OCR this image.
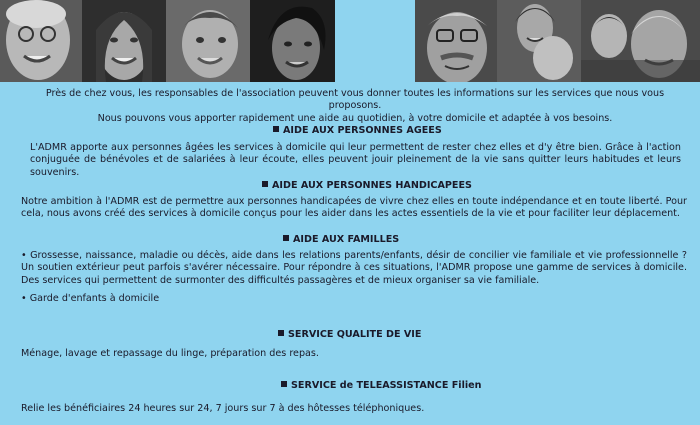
Près de chez vous, les responsables de l'association peuvent vous donner toutes les informations sur les services que nous vous proposons.
Nous pouvons vous apporter rapidement une aide au quotidien, à votre domicile et adaptée à vos besoins.
AIDE AUX PERSONNES AGEES
L'ADMR apporte aux personnes âgées les services à domicile qui leur permettent de rester chez elles et d'y être bien. Grâce à l'action conjuguée de bénévoles et de salariées à leur écoute, elles peuvent jouir pleinement de la vie sans quitter leurs habitudes et leurs souvenirs.
AIDE AUX PERSONNES HANDICAPEES
Notre ambition à l'ADMR est de permettre aux personnes handicapées de vivre chez elles en toute indépendance et en toute liberté. Pour cela, nous avons créé des services à domicile conçus pour les aider dans les actes essentiels de la vie et pour faciliter leur déplacement.
AIDE AUX FAMILLES
• Grossesse, naissance, maladie ou décès, aide dans les relations parents/enfants, désir de concilier vie familiale et vie professionnelle ? Un soutien extérieur peut parfois s'avérer nécessaire. Pour répondre à ces situations, l'ADMR propose une gamme de services à domicile. Des services qui permettent de surmonter des difficultés passagères et de mieux organiser sa vie familiale.
• Garde d'enfants à domicile
SERVICE QUALITE DE VIE
Ménage, lavage et repassage du linge, préparation des repas.
SERVICE de TELEASSISTANCE Filien
Relie les bénéficiaires 24 heures sur 24, 7 jours sur 7 à des hôtesses téléphoniques.
